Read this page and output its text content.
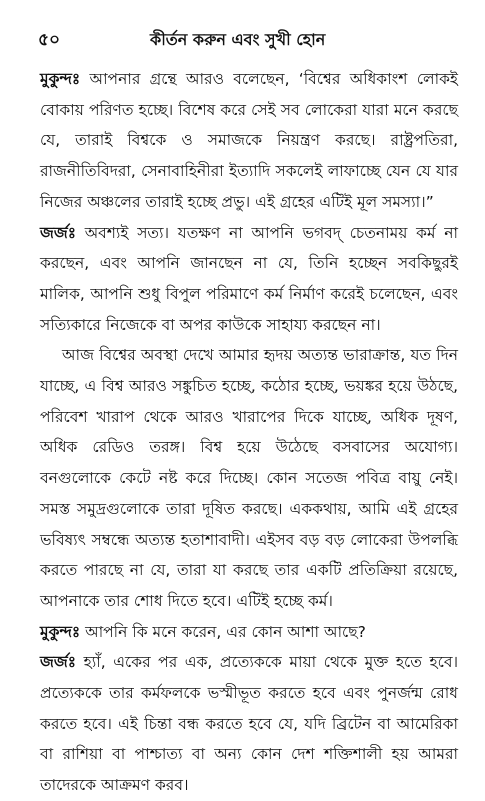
৫০	কীর্তন করুন এবং সুখী হোন

মুকুন্দঃ আপনার গ্রন্থে আরও বলেছেন, ‘বিশ্বের অধিকাংশ লোকই বোকায় পরিণত হচ্ছে। বিশেষ করে সেই সব লোকেরা যারা মনে করছে যে, তারাই বিশ্বকে ও সমাজকে নিয়ন্ত্রণ করছে। রাষ্ট্রপতিরা, রাজনীতিবিদরা, সেনাবাহিনীরা ইত্যাদি সকলেই লাফাচ্ছে যেন যে যার নিজের অঞ্চলের তারাই হচ্ছে প্রভু। এই গ্রহের এটিই মূল সমস্যা।”

জর্জঃ অবশ্যই সত্য। যতক্ষণ না আপনি ভগবদ্ চেতনাময় কর্ম না করছেন, এবং আপনি জানছেন না যে, তিনি হচ্ছেন সবকিছুরই মালিক, আপনি শুধু বিপুল পরিমাণে কর্ম নির্মাণ করেই চলেছেন, এবং সত্যিকারে নিজেকে বা অপর কাউকে সাহায্য করছেন না।

আজ বিশ্বের অবস্থা দেখে আমার হৃদয় অত্যন্ত ভারাক্রান্ত, যত দিন যাচ্ছে, এ বিশ্ব আরও সঙ্কুচিত হচ্ছে, কঠোর হচ্ছে, ভয়ঙ্কর হয়ে উঠছে, পরিবেশ খারাপ থেকে আরও খারাপের দিকে যাচ্ছে, অধিক দূষণ, অধিক রেডিও তরঙ্গ। বিশ্ব হয়ে উঠেছে বসবাসের অযোগ্য। বনগুলোকে কেটে নষ্ট করে দিচ্ছে। কোন সতেজ পবিত্র বায়ু নেই। সমস্ত সমুদ্রগুলোকে তারা দূষিত করছে। এককথায়, আমি এই গ্রহের ভবিষ্যৎ সম্বন্ধে অত্যন্ত হতাশাবাদী। এইসব বড় বড় লোকেরা উপলব্ধি করতে পারছে না যে, তারা যা করছে তার একটি প্রতিক্রিয়া রয়েছে, আপনাকে তার শোধ দিতে হবে। এটিই হচ্ছে কর্ম।

মুকুন্দঃ আপনি কি মনে করেন, এর কোন আশা আছে?

জর্জঃ হ্যাঁ, একের পর এক, প্রত্যেককে মায়া থেকে মুক্ত হতে হবে। প্রত্যেককে তার কর্মফলকে ভস্মীভূত করতে হবে এবং পুনর্জন্ম রোধ করতে হবে। এই চিন্তা বন্ধ করতে হবে যে, যদি ব্রিটেন বা আমেরিকা বা রাশিয়া বা পাশ্চাত্য বা অন্য কোন দেশ শক্তিশালী হয় আমরা তাদেরকে আক্রমণ করব।
